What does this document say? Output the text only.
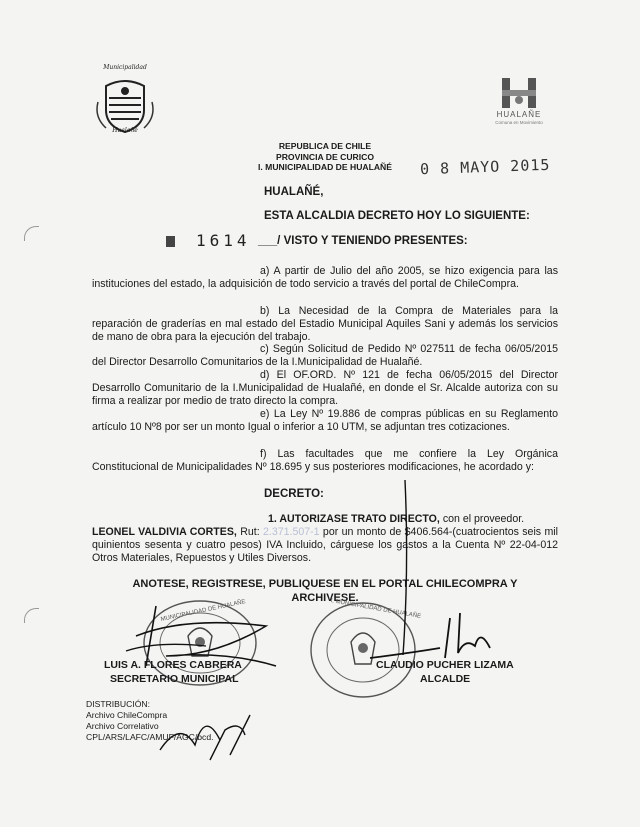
Municipalidad
Hualañé
HUALAÑE
Comuna en Movimiento
REPUBLICA DE CHILE
PROVINCIA DE CURICO
I. MUNICIPALIDAD DE HUALAÑÉ	0 8 MAYO 2015
HUALAÑÉ,
ESTA ALCALDIA DECRETO HOY LO SIGUIENTE:
1614 ___/ VISTO Y TENIENDO PRESENTES:
a) A partir de Julio del año 2005, se hizo exigencia para las instituciones del estado, la adquisición de todo servicio a través del portal de ChileCompra.
b) La Necesidad de la Compra de Materiales para la reparación de graderías en mal estado del Estadio Municipal Aquiles Sani y además los servicios de mano de obra para la ejecución del trabajo.
c) Según Solicitud de Pedido Nº 027511 de fecha 06/05/2015 del Director Desarrollo Comunitarios de la I.Municipalidad de Hualañé.
d) El OF.ORD. Nº 121 de fecha 06/05/2015 del Director Desarrollo Comunitario de la I.Municipalidad de Hualañé, en donde el Sr. Alcalde autoriza con su firma a realizar por medio de trato directo la compra.
e) La Ley Nº 19.886 de compras públicas en su Reglamento artículo 10 Nº8 por ser un monto Igual o inferior a 10 UTM, se adjuntan tres cotizaciones.
f) Las facultades que me confiere la Ley Orgánica Constitucional de Municipalidades Nº 18.695 y sus posteriores modificaciones, he acordado y:
DECRETO:
1. AUTORIZASE TRATO DIRECTO, con el proveedor.
LEONEL VALDIVIA CORTES, Rut: 2.371.507-1 por un monto de $406.564-(cuatrocientos seis mil quinientos sesenta y cuatro pesos) IVA Incluido, cárguese los gastos a la Cuenta Nº 22-04-012 Otros Materiales, Repuestos y Utiles Diversos.
ANOTESE, REGISTRESE, PUBLIQUESE EN EL PORTAL CHILECOMPRA Y
ARCHIVESE.
MUNICIPALIDAD DE HUALAÑE	I. MUNICIPALIDAD DE HUALAÑE
LUIS A. FLORES CABRERA
SECRETARIO MUNICIPAL
CLAUDIO PUCHER LIZAMA
ALCALDE
DISTRIBUCIÓN:
Archivo ChileCompra
Archivo Correlativo
CPL/ARS/LAFC/AMUF/AGC/bcd.
